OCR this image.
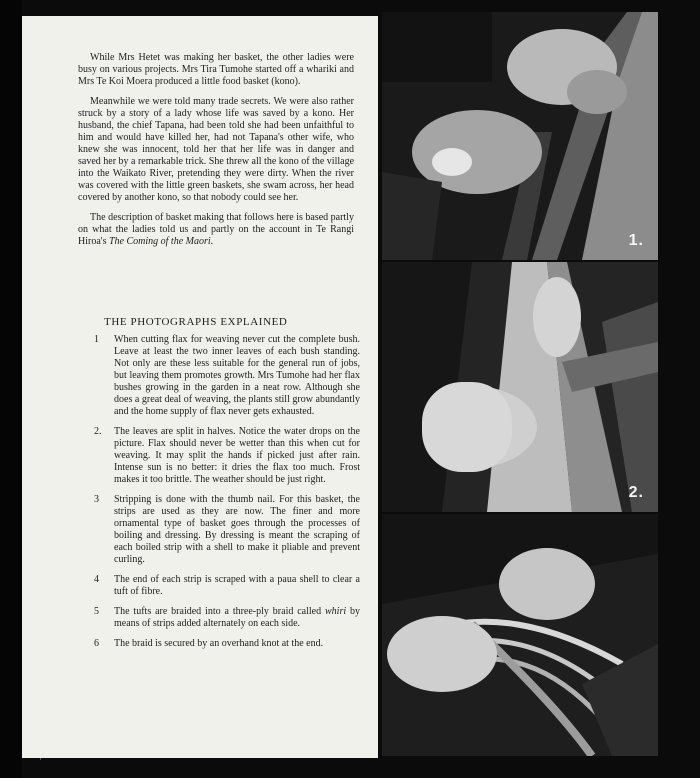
While Mrs Hetet was making her basket, the other ladies were busy on various projects. Mrs Tira Tumohe started off a whariki and Mrs Te Koi Moera produced a little food basket (kono).

Meanwhile we were told many trade secrets. We were also rather struck by a story of a lady whose life was saved by a kono. Her husband, the chief Tapana, had been told she had been unfaithful to him and would have killed her, had not Tapana's other wife, who knew she was innocent, told her that her life was in danger and saved her by a remarkable trick. She threw all the kono of the village into the Waikato River, pretending they were dirty. When the river was covered with the little green baskets, she swam across, her head covered by another kono, so that nobody could see her.

The description of basket making that follows here is based partly on what the ladies told us and partly on the account in Te Rangi Hiroa's The Coming of the Maori.

THE PHOTOGRAPHS EXPLAINED
1 When cutting flax for weaving never cut the complete bush. Leave at least the two inner leaves of each bush standing. Not only are these less suitable for the general run of jobs, but leaving them promotes growth. Mrs Tumohe had her flax bushes growing in the garden in a neat row. Although she does a great deal of weaving, the plants still grow abundantly and the home supply of flax never gets exhausted.
2. The leaves are split in halves. Notice the water drops on the picture. Flax should never be wetter than this when cut for weaving. It may split the hands if picked just after rain. Intense sun is no better: it dries the flax too much. Frost makes it too brittle. The weather should be just right.
3 Stripping is done with the thumb nail. For this basket, the strips are used as they are now. The finer and more ornamental type of basket goes through the processes of boiling and dressing. By dressing is meant the scraping of each boiled strip with a shell to make it pliable and prevent curling.
4 The end of each strip is scraped with a paua shell to clear a tuft of fibre.
5 The tufts are braided into a three-ply braid called whiri by means of strips added alternately on each side.
6 The braid is secured by an overhand knot at the end.
1.
2.
